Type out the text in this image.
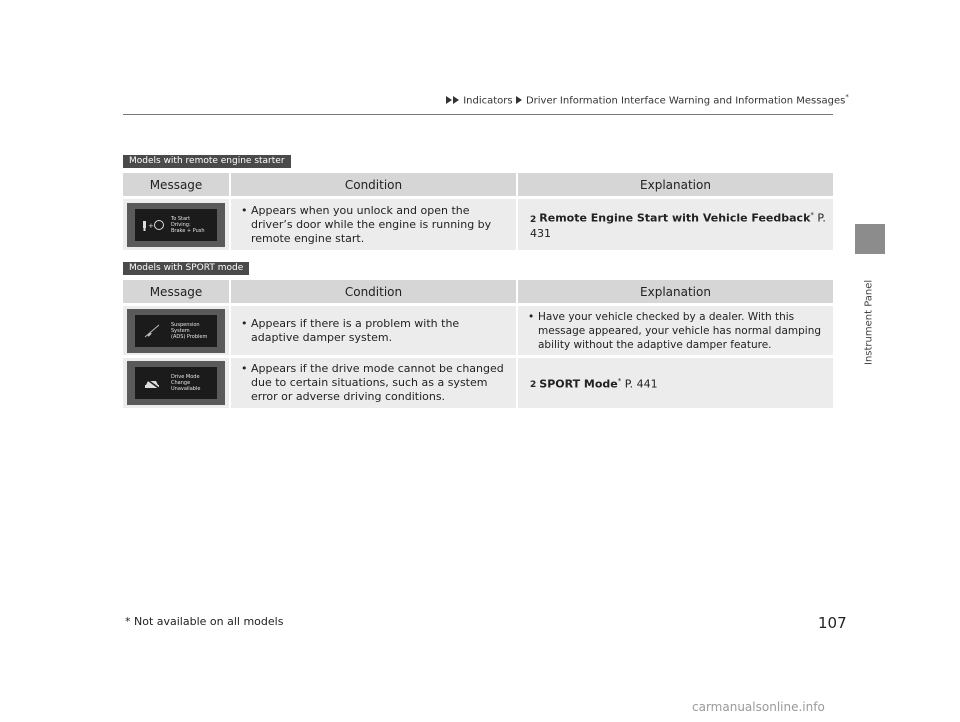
Indicators Driver Information Interface Warning and Information Messages*
Instrument Panel
Models with remote engine starter
Message	Condition	Explanation

+
To Start
Driving:
Brake + Push	• Appears when you unlock and open the driver’s door while the engine is running by remote engine start.	2 Remote Engine Start with Vehicle Feedback* P. 431
Models with SPORT mode
Message	Condition	Explanation

Suspension
System
(ADS) Problem	• Appears if there is a problem with the adaptive damper system.	• Have your vehicle checked by a dealer. With this message appeared, your vehicle has normal damping ability without the adaptive damper feature.

Drive Mode
Change
Unavailable	• Appears if the drive mode cannot be changed due to certain situations, such as a system error or adverse driving conditions.	2 SPORT Mode* P. 441
107
* Not available on all models
carmanualsonline.info
